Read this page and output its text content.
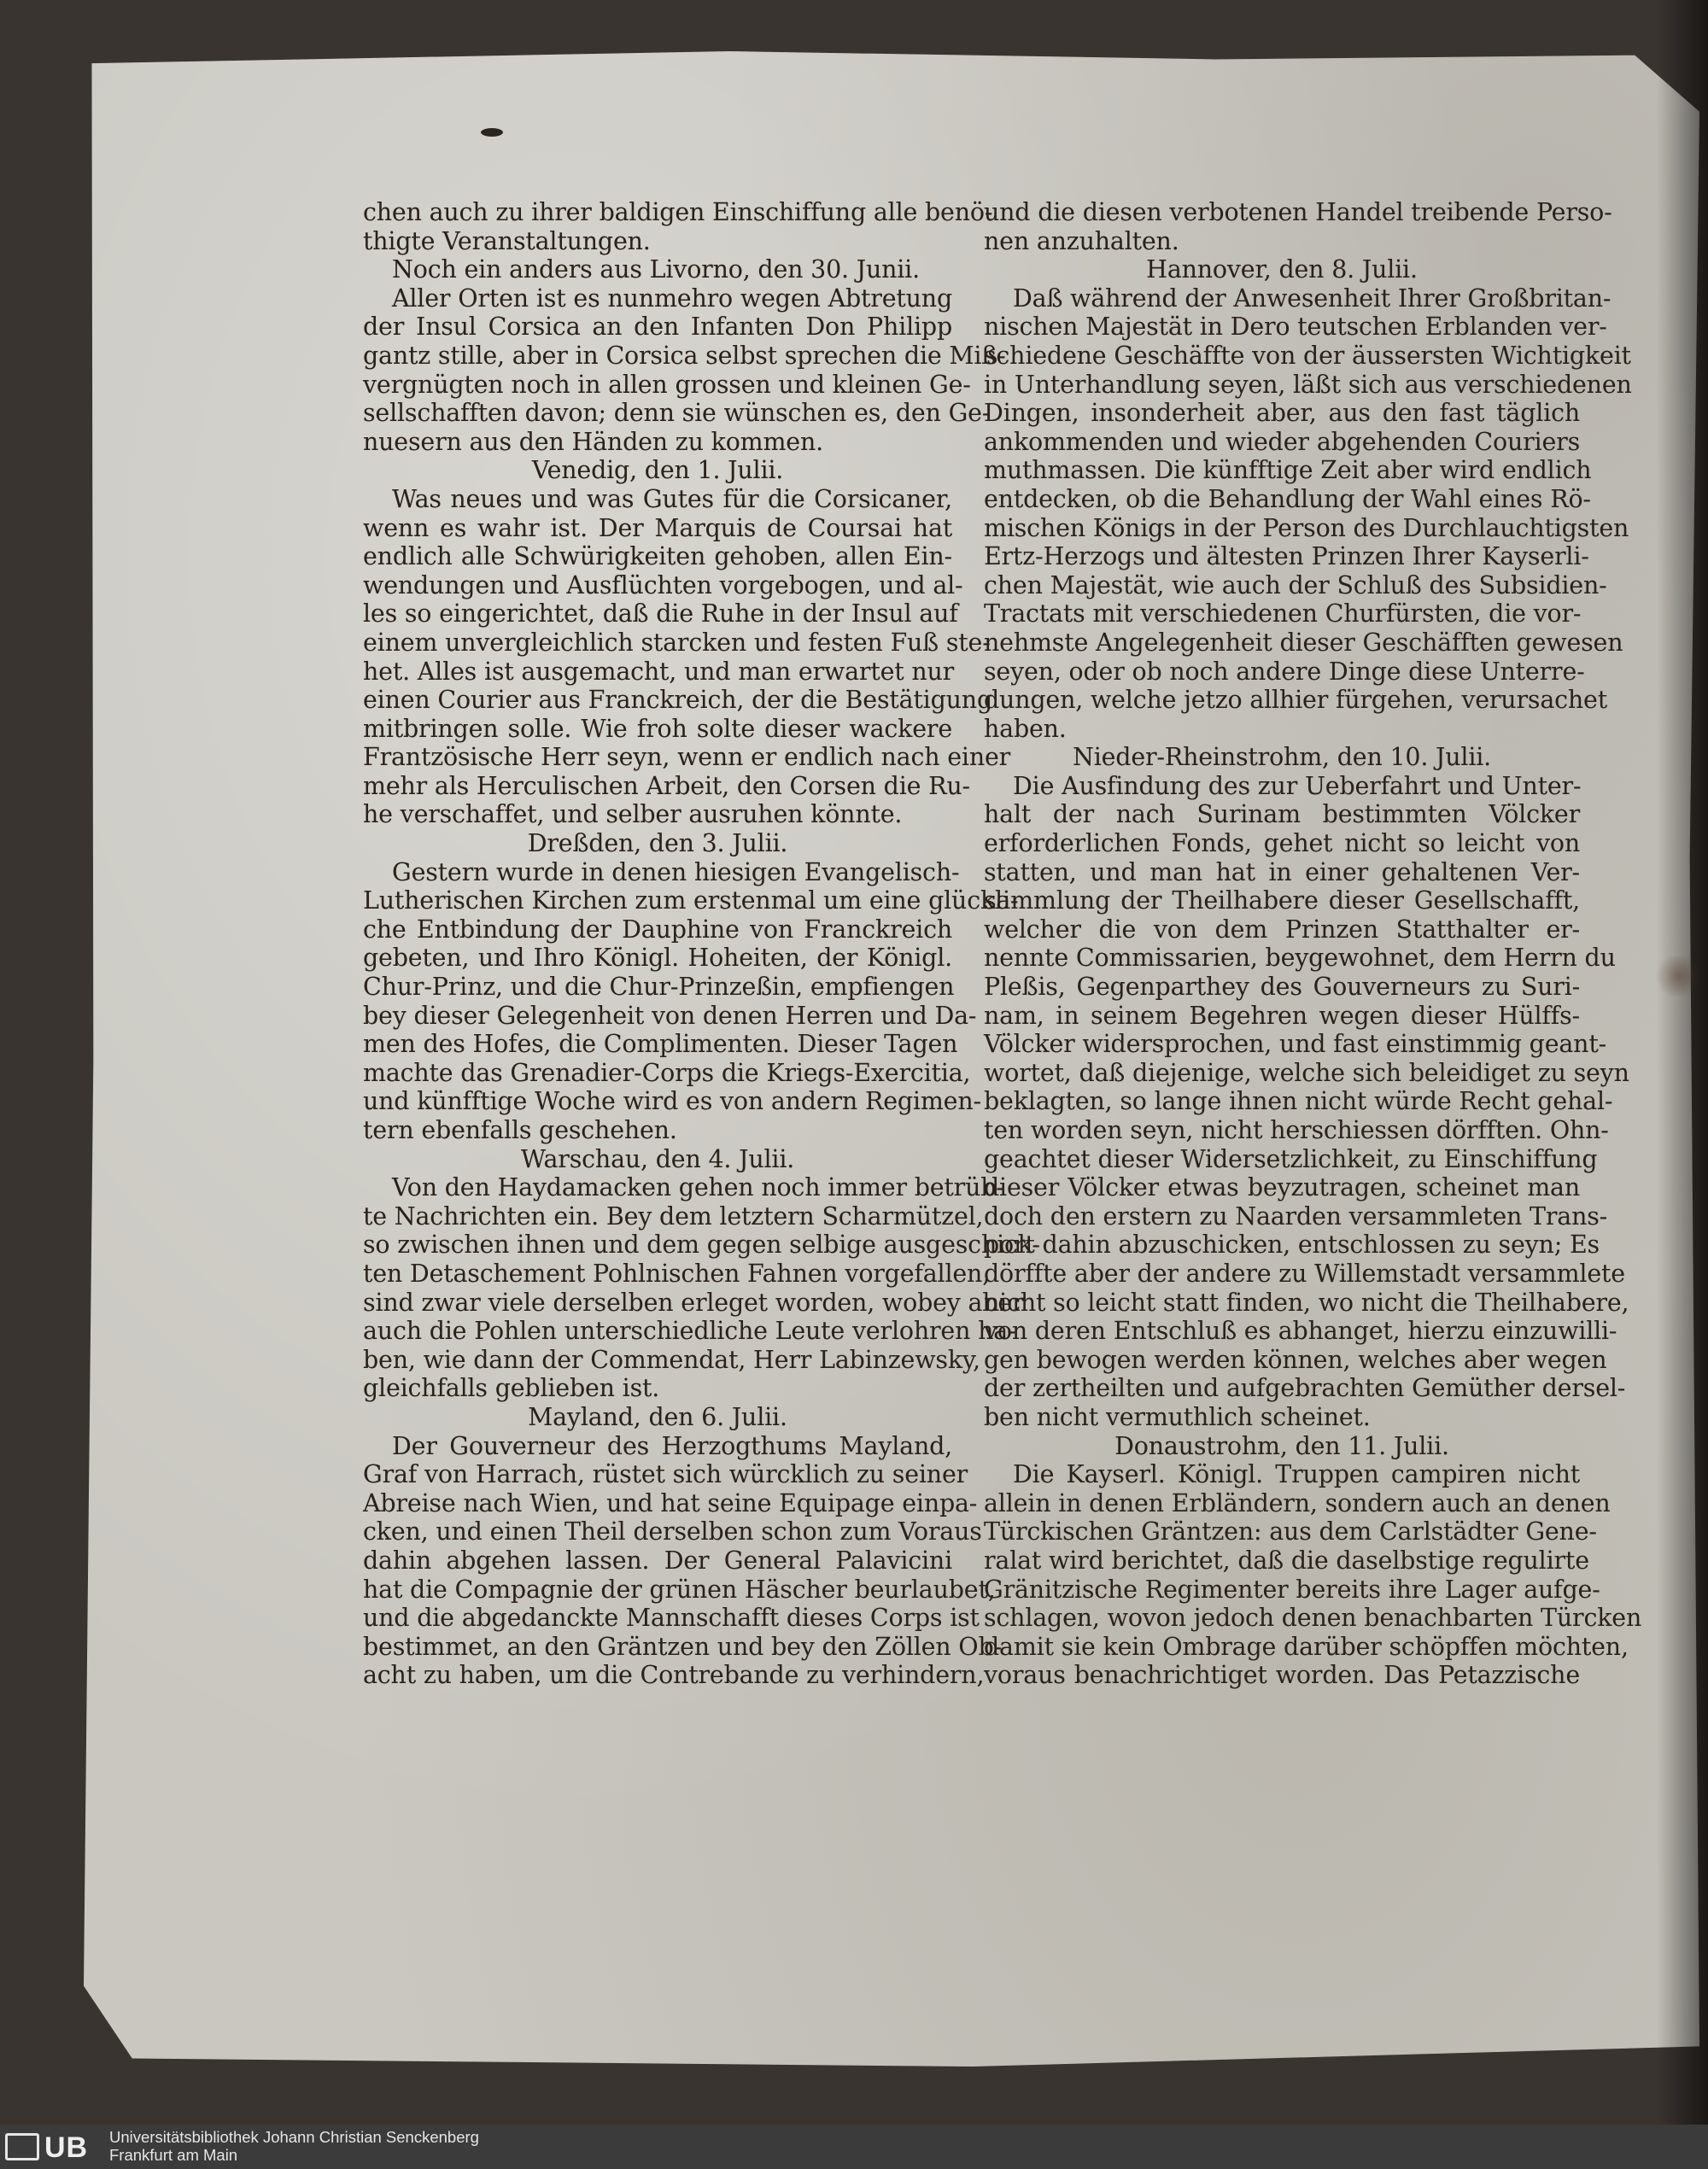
chen auch zu ihrer baldigen Einschiffung alle benö-
thigte Veranstaltungen.
Noch ein anders aus Livorno, den 30. Junii.
Aller Orten ist es nunmehro wegen Abtretung
der Insul Corsica an den Infanten Don Philipp
gantz stille, aber in Corsica selbst sprechen die Miß-
vergnügten noch in allen grossen und kleinen Ge-
sellschafften davon; denn sie wünschen es, den Ge-
nuesern aus den Händen zu kommen.
Venedig, den 1. Julii.
Was neues und was Gutes für die Corsicaner,
wenn es wahr ist. Der Marquis de Coursai hat
endlich alle Schwürigkeiten gehoben, allen Ein-
wendungen und Ausflüchten vorgebogen, und al-
les so eingerichtet, daß die Ruhe in der Insul auf
einem unvergleichlich starcken und festen Fuß ste-
het. Alles ist ausgemacht, und man erwartet nur
einen Courier aus Franckreich, der die Bestätigung
mitbringen solle. Wie froh solte dieser wackere
Frantzösische Herr seyn, wenn er endlich nach einer
mehr als Herculischen Arbeit, den Corsen die Ru-
he verschaffet, und selber ausruhen könnte.
Dreßden, den 3. Julii.
Gestern wurde in denen hiesigen Evangelisch-
Lutherischen Kirchen zum erstenmal um eine glückli-
che Entbindung der Dauphine von Franckreich
gebeten, und Ihro Königl. Hoheiten, der Königl.
Chur-Prinz, und die Chur-Prinzeßin, empfiengen
bey dieser Gelegenheit von denen Herren und Da-
men des Hofes, die Complimenten. Dieser Tagen
machte das Grenadier-Corps die Kriegs-Exercitia,
und künfftige Woche wird es von andern Regimen-
tern ebenfalls geschehen.
Warschau, den 4. Julii.
Von den Haydamacken gehen noch immer betrüb-
te Nachrichten ein. Bey dem letztern Scharmützel,
so zwischen ihnen und dem gegen selbige ausgeschick-
ten Detaschement Pohlnischen Fahnen vorgefallen,
sind zwar viele derselben erleget worden, wobey aber
auch die Pohlen unterschiedliche Leute verlohren ha-
ben, wie dann der Commendat, Herr Labinzewsky,
gleichfalls geblieben ist.
Mayland, den 6. Julii.
Der Gouverneur des Herzogthums Mayland,
Graf von Harrach, rüstet sich würcklich zu seiner
Abreise nach Wien, und hat seine Equipage einpa-
cken, und einen Theil derselben schon zum Voraus
dahin abgehen lassen. Der General Palavicini
hat die Compagnie der grünen Häscher beurlaubet,
und die abgedanckte Mannschafft dieses Corps ist
bestimmet, an den Gräntzen und bey den Zöllen Ob-
acht zu haben, um die Contrebande zu verhindern,
und die diesen verbotenen Handel treibende Perso-
nen anzuhalten.
Hannover, den 8. Julii.
Daß während der Anwesenheit Ihrer Großbritan-
nischen Majestät in Dero teutschen Erblanden ver-
schiedene Geschäffte von der äussersten Wichtigkeit
in Unterhandlung seyen, läßt sich aus verschiedenen
Dingen, insonderheit aber, aus den fast täglich
ankommenden und wieder abgehenden Couriers
muthmassen. Die künfftige Zeit aber wird endlich
entdecken, ob die Behandlung der Wahl eines Rö-
mischen Königs in der Person des Durchlauchtigsten
Ertz-Herzogs und ältesten Prinzen Ihrer Kayserli-
chen Majestät, wie auch der Schluß des Subsidien-
Tractats mit verschiedenen Churfürsten, die vor-
nehmste Angelegenheit dieser Geschäfften gewesen
seyen, oder ob noch andere Dinge diese Unterre-
dungen, welche jetzo allhier fürgehen, verursachet
haben.
Nieder-Rheinstrohm, den 10. Julii.
Die Ausfindung des zur Ueberfahrt und Unter-
halt der nach Surinam bestimmten Völcker
erforderlichen Fonds, gehet nicht so leicht von
statten, und man hat in einer gehaltenen Ver-
sammlung der Theilhabere dieser Gesellschafft,
welcher die von dem Prinzen Statthalter er-
nennte Commissarien, beygewohnet, dem Herrn du
Pleßis, Gegenparthey des Gouverneurs zu Suri-
nam, in seinem Begehren wegen dieser Hülffs-
Völcker widersprochen, und fast einstimmig geant-
wortet, daß diejenige, welche sich beleidiget zu seyn
beklagten, so lange ihnen nicht würde Recht gehal-
ten worden seyn, nicht herschiessen dörfften. Ohn-
geachtet dieser Widersetzlichkeit, zu Einschiffung
dieser Völcker etwas beyzutragen, scheinet man
doch den erstern zu Naarden versammleten Trans-
port dahin abzuschicken, entschlossen zu seyn; Es
dörffte aber der andere zu Willemstadt versammlete
nicht so leicht statt finden, wo nicht die Theilhabere,
von deren Entschluß es abhanget, hierzu einzuwilli-
gen bewogen werden können, welches aber wegen
der zertheilten und aufgebrachten Gemüther dersel-
ben nicht vermuthlich scheinet.
Donaustrohm, den 11. Julii.
Die Kayserl. Königl. Truppen campiren nicht
allein in denen Erbländern, sondern auch an denen
Türckischen Gräntzen: aus dem Carlstädter Gene-
ralat wird berichtet, daß die daselbstige regulirte
Gränitzische Regimenter bereits ihre Lager aufge-
schlagen, wovon jedoch denen benachbarten Türcken
damit sie kein Ombrage darüber schöpffen möchten,
voraus benachrichtiget worden. Das Petazzische
UB Universitätsbibliothek Johann Christian Senckenberg
Frankfurt am Main
